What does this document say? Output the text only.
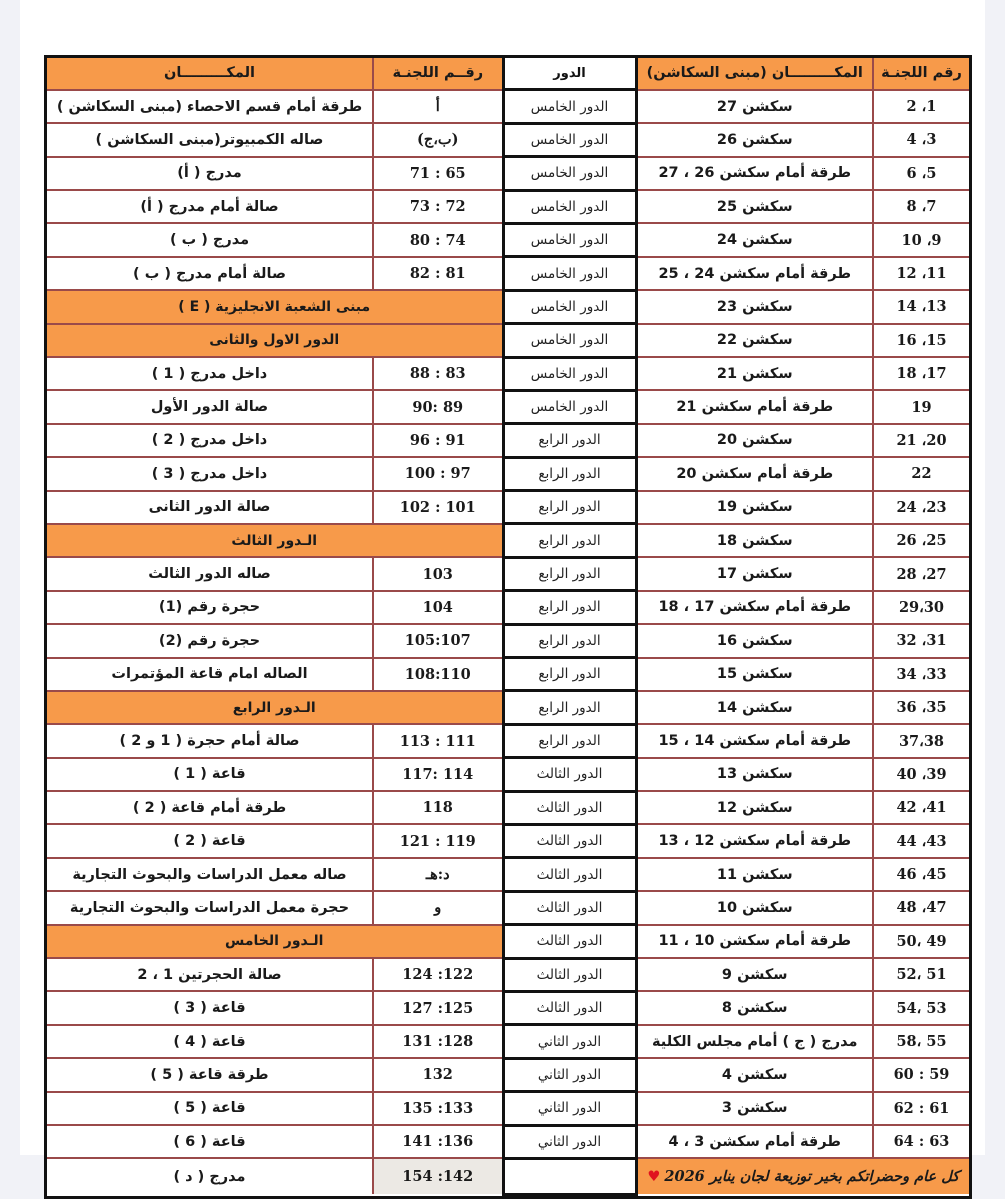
المكـــــــــان	رقــم اللجنـة	الدور	المكـــــــــان (مبنى السكاشن)	رقم اللجنـة
طرقة أمام قسم الاحصاء (مبنى السكاشن )	أ	الدور الخامس	سكشن 27	1، 2
صاله الكمبيوتر(مبنى السكاشن )	(ب،ج)	الدور الخامس	سكشن 26	3، 4
مدرج ( أ)	65 : 71	الدور الخامس	طرقة أمام سكشن 26 ، 27	5، 6
صالة أمام مدرج ( أ)	72 : 73	الدور الخامس	سكشن 25	7، 8
مدرج ( ب )	74 : 80	الدور الخامس	سكشن 24	9، 10
صالة أمام مدرج ( ب )	81 : 82	الدور الخامس	طرقة أمام سكشن 24 ، 25	11، 12
مبنى الشعبة الانجليزية ( E )		الدور الخامس	سكشن 23	13، 14
الدور الاول والثانى		الدور الخامس	سكشن 22	15، 16
داخل مدرج ( 1 )	83 : 88	الدور الخامس	سكشن 21	17، 18
صالة الدور الأول	89 :90	الدور الخامس	طرقة أمام سكشن 21	19
داخل مدرج ( 2 )	91 : 96	الدور الرابع	سكشن 20	20، 21
داخل مدرج ( 3 )	97 : 100	الدور الرابع	طرقة أمام سكشن 20	22
صالة الدور الثانى	101 : 102	الدور الرابع	سكشن 19	23، 24
الـدور الثالث		الدور الرابع	سكشن 18	25، 26
صاله الدور الثالث	103	الدور الرابع	سكشن 17	27، 28
حجرة رقم (1)	104	الدور الرابع	طرقة أمام سكشن 17 ، 18	29،30
حجرة رقم (2)	105:107	الدور الرابع	سكشن 16	31، 32
الصاله امام قاعة المؤتمرات	108:110	الدور الرابع	سكشن 15	33، 34
الـدور الرابع		الدور الرابع	سكشن 14	35، 36
صالة أمام حجرة ( 1 و 2 )	111 : 113	الدور الرابع	طرقة أمام سكشن 14 ، 15	37،38
قاعة ( 1 )	114 :117	الدور الثالث	سكشن 13	39، 40
طرقة أمام قاعة ( 2 )	118	الدور الثالث	سكشن 12	41، 42
قاعة ( 2 )	119 : 121	الدور الثالث	طرقة أمام سكشن 12 ، 13	43، 44
صاله معمل الدراسات والبحوث التجارية	د:هـ	الدور الثالث	سكشن 11	45، 46
حجرة معمل الدراسات والبحوث التجارية	و	الدور الثالث	سكشن 10	47، 48
الـدور الخامس		الدور الثالث	طرقة أمام سكشن 10 ، 11	49 ،50
صالة الحجرتين 1 ، 2	122: 124	الدور الثالث	سكشن 9	51 ،52
قاعة ( 3 )	125: 127	الدور الثالث	سكشن 8	53 ،54
قاعة ( 4 )	128: 131	الدور الثاني	مدرج ( ج ) أمام مجلس الكلية	55 ،58
طرقة قاعة ( 5 )	132	الدور الثاني	سكشن 4	59 : 60
قاعة ( 5 )	133: 135	الدور الثاني	سكشن 3	61 : 62
قاعة ( 6 )	136: 141	الدور الثاني	طرقة أمام سكشن 3 ، 4	63 : 64
مدرج ( د )	142: 154		كل عام وحضراتكم بخير توزيعة لجان يناير 2026♥	
